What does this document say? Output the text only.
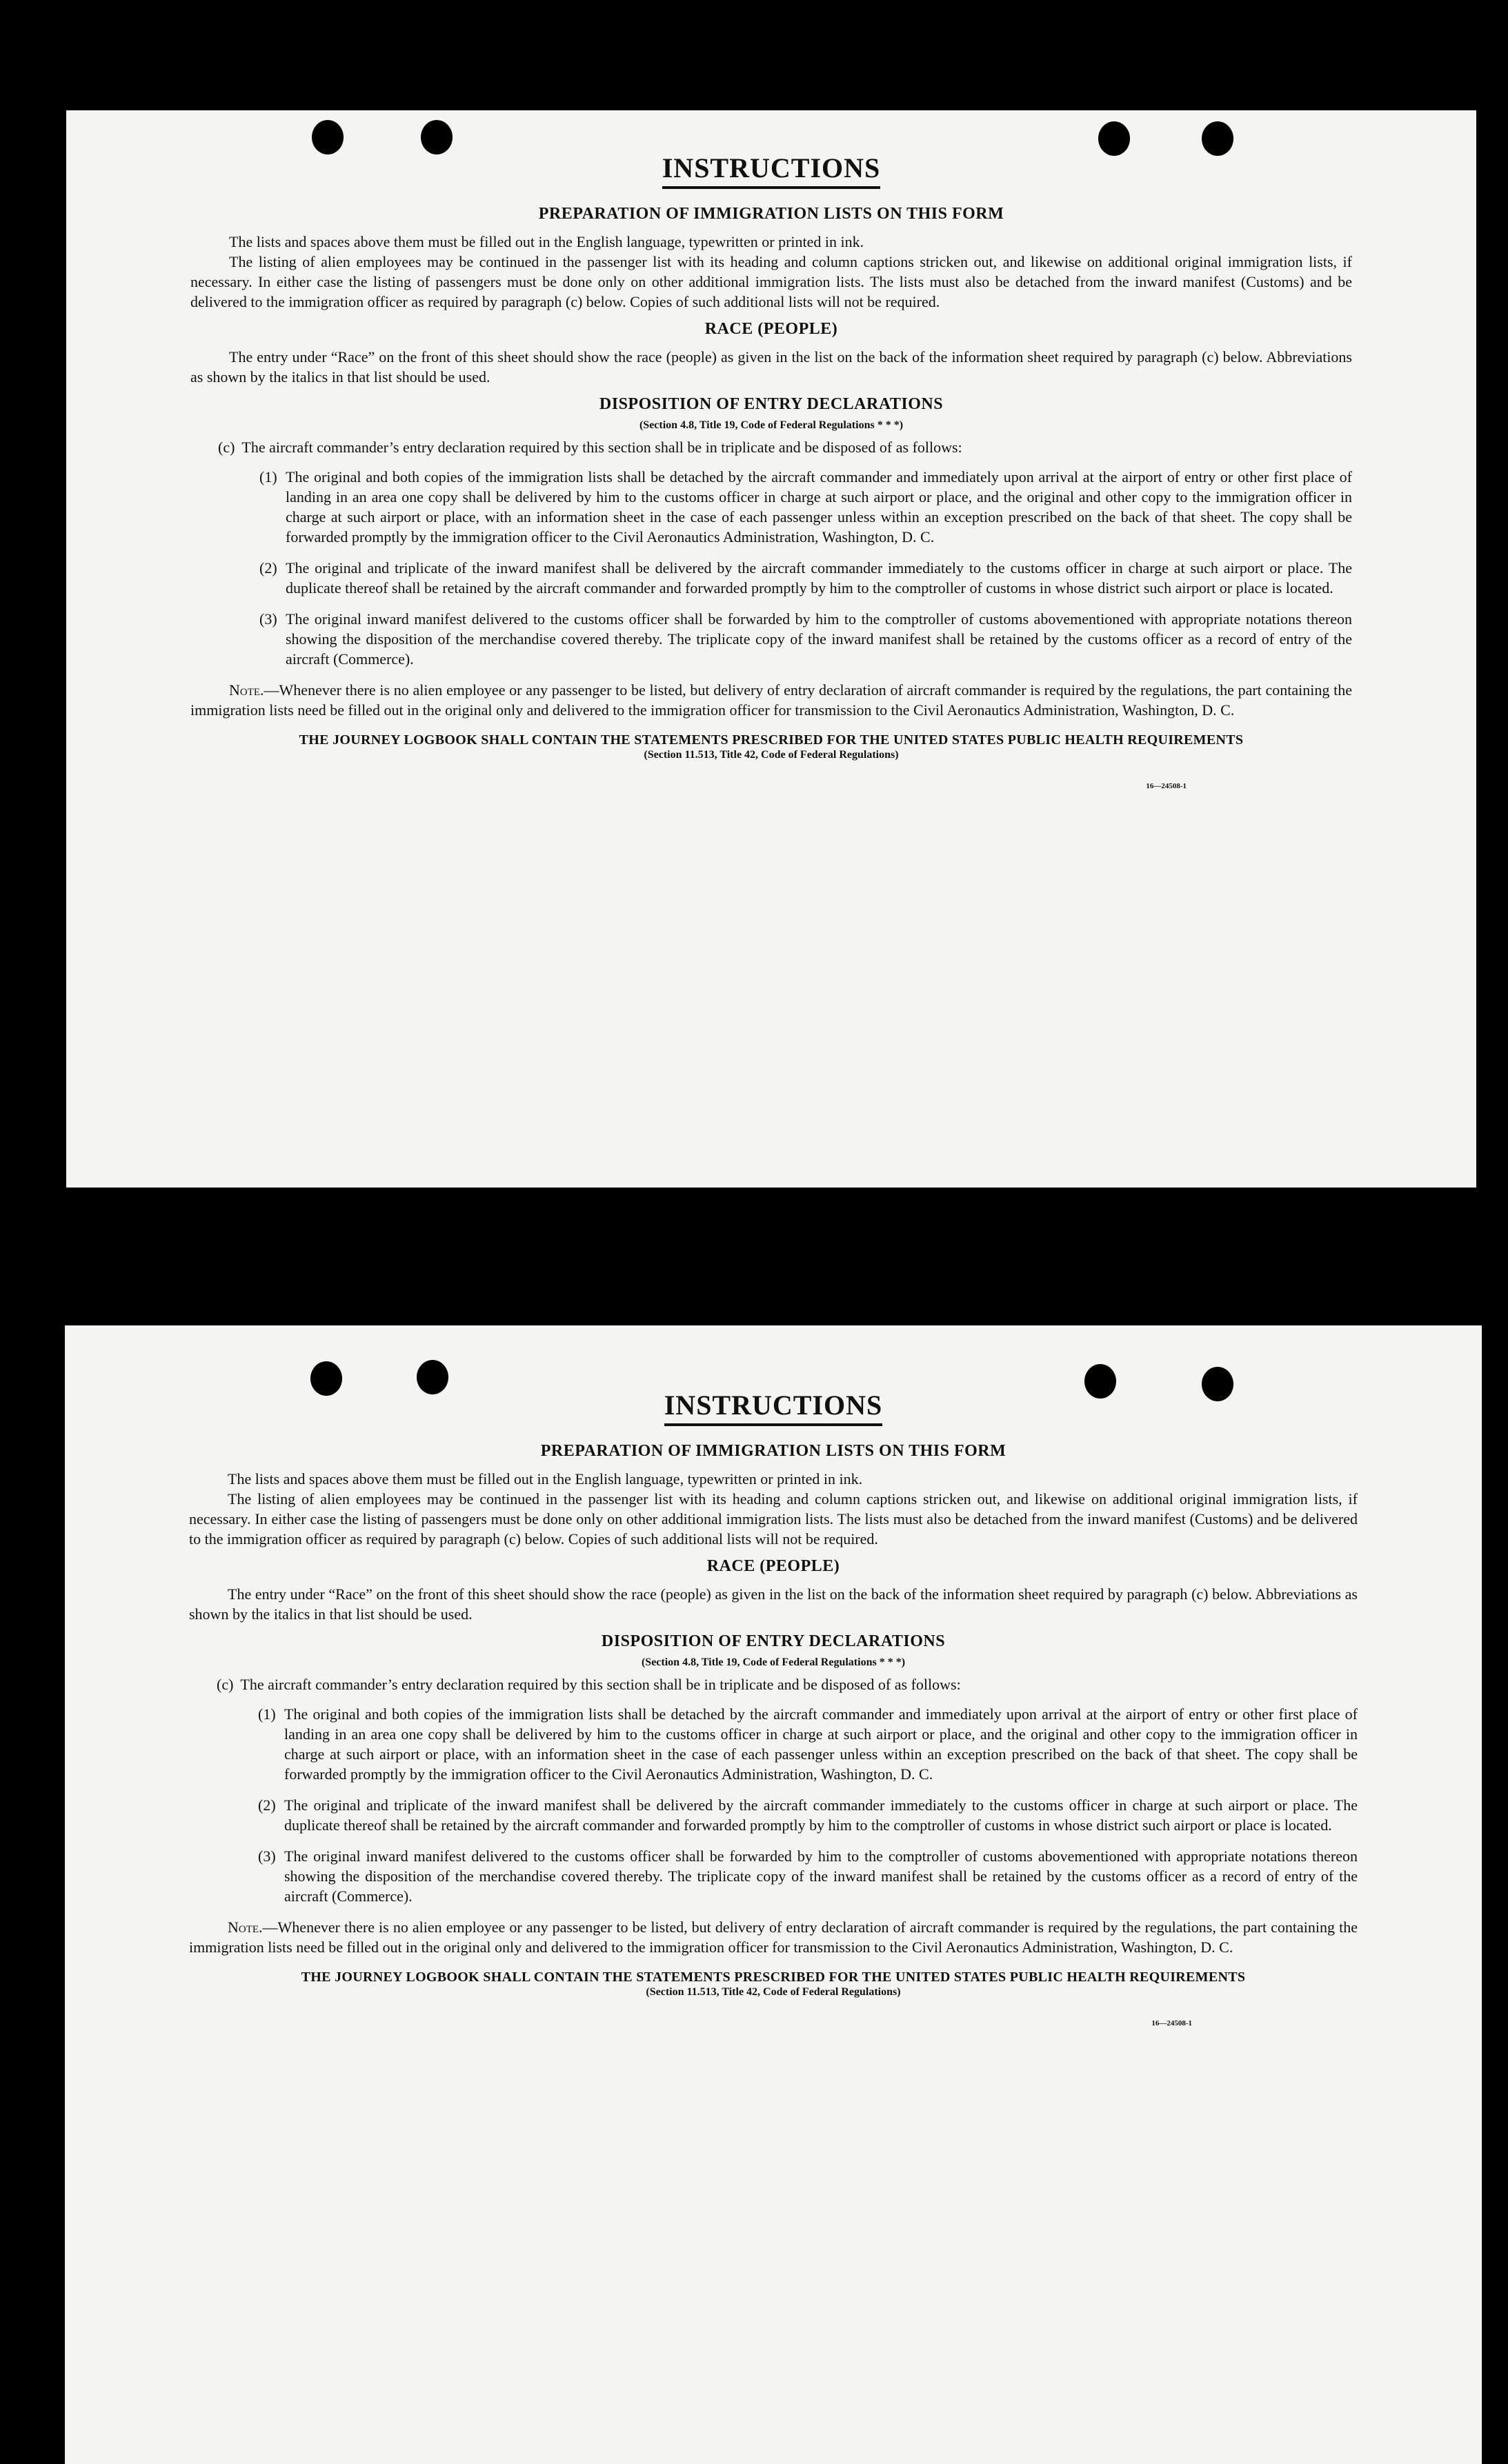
INSTRUCTIONS
PREPARATION OF IMMIGRATION LISTS ON THIS FORM

The lists and spaces above them must be filled out in the English language, typewritten or printed in ink.

The listing of alien employees may be continued in the passenger list with its heading and column captions stricken out, and likewise on additional original immigration lists, if necessary. In either case the listing of passengers must be done only on other additional immigration lists. The lists must also be detached from the inward manifest (Customs) and be delivered to the immigration officer as required by paragraph (c) below. Copies of such additional lists will not be required.

RACE (PEOPLE)

The entry under “Race” on the front of this sheet should show the race (people) as given in the list on the back of the information sheet required by paragraph (c) below. Abbreviations as shown by the italics in that list should be used.

DISPOSITION OF ENTRY DECLARATIONS
(Section 4.8, Title 19, Code of Federal Regulations * * *)

(c) The aircraft commander’s entry declaration required by this section shall be in triplicate and be disposed of as follows:

(1) The original and both copies of the immigration lists shall be detached by the aircraft commander and immediately upon arrival at the airport of entry or other first place of landing in an area one copy shall be delivered by him to the customs officer in charge at such airport or place, and the original and other copy to the immigration officer in charge at such airport or place, with an information sheet in the case of each passenger unless within an exception prescribed on the back of that sheet. The copy shall be forwarded promptly by the immigration officer to the Civil Aeronautics Administration, Washington, D. C.

(2) The original and triplicate of the inward manifest shall be delivered by the aircraft commander immediately to the customs officer in charge at such airport or place. The duplicate thereof shall be retained by the aircraft commander and forwarded promptly by him to the comptroller of customs in whose district such airport or place is located.

(3) The original inward manifest delivered to the customs officer shall be forwarded by him to the comptroller of customs abovementioned with appropriate notations thereon showing the disposition of the merchandise covered thereby. The triplicate copy of the inward manifest shall be retained by the customs officer as a record of entry of the aircraft (Commerce).

Note.—Whenever there is no alien employee or any passenger to be listed, but delivery of entry declaration of aircraft commander is required by the regulations, the part containing the immigration lists need be filled out in the original only and delivered to the immigration officer for transmission to the Civil Aeronautics Administration, Washington, D. C.

THE JOURNEY LOGBOOK SHALL CONTAIN THE STATEMENTS PRESCRIBED FOR THE UNITED STATES PUBLIC HEALTH REQUIREMENTS
(Section 11.513, Title 42, Code of Federal Regulations)
16—24508-1
INSTRUCTIONS
PREPARATION OF IMMIGRATION LISTS ON THIS FORM

The lists and spaces above them must be filled out in the English language, typewritten or printed in ink.

The listing of alien employees may be continued in the passenger list with its heading and column captions stricken out, and likewise on additional original immigration lists, if necessary. In either case the listing of passengers must be done only on other additional immigration lists. The lists must also be detached from the inward manifest (Customs) and be delivered to the immigration officer as required by paragraph (c) below. Copies of such additional lists will not be required.

RACE (PEOPLE)

The entry under “Race” on the front of this sheet should show the race (people) as given in the list on the back of the information sheet required by paragraph (c) below. Abbreviations as shown by the italics in that list should be used.

DISPOSITION OF ENTRY DECLARATIONS
(Section 4.8, Title 19, Code of Federal Regulations * * *)

(c) The aircraft commander’s entry declaration required by this section shall be in triplicate and be disposed of as follows:

(1) The original and both copies of the immigration lists shall be detached by the aircraft commander and immediately upon arrival at the airport of entry or other first place of landing in an area one copy shall be delivered by him to the customs officer in charge at such airport or place, and the original and other copy to the immigration officer in charge at such airport or place, with an information sheet in the case of each passenger unless within an exception prescribed on the back of that sheet. The copy shall be forwarded promptly by the immigration officer to the Civil Aeronautics Administration, Washington, D. C.

(2) The original and triplicate of the inward manifest shall be delivered by the aircraft commander immediately to the customs officer in charge at such airport or place. The duplicate thereof shall be retained by the aircraft commander and forwarded promptly by him to the comptroller of customs in whose district such airport or place is located.

(3) The original inward manifest delivered to the customs officer shall be forwarded by him to the comptroller of customs abovementioned with appropriate notations thereon showing the disposition of the merchandise covered thereby. The triplicate copy of the inward manifest shall be retained by the customs officer as a record of entry of the aircraft (Commerce).

Note.—Whenever there is no alien employee or any passenger to be listed, but delivery of entry declaration of aircraft commander is required by the regulations, the part containing the immigration lists need be filled out in the original only and delivered to the immigration officer for transmission to the Civil Aeronautics Administration, Washington, D. C.

THE JOURNEY LOGBOOK SHALL CONTAIN THE STATEMENTS PRESCRIBED FOR THE UNITED STATES PUBLIC HEALTH REQUIREMENTS
(Section 11.513, Title 42, Code of Federal Regulations)
16—24508-1
